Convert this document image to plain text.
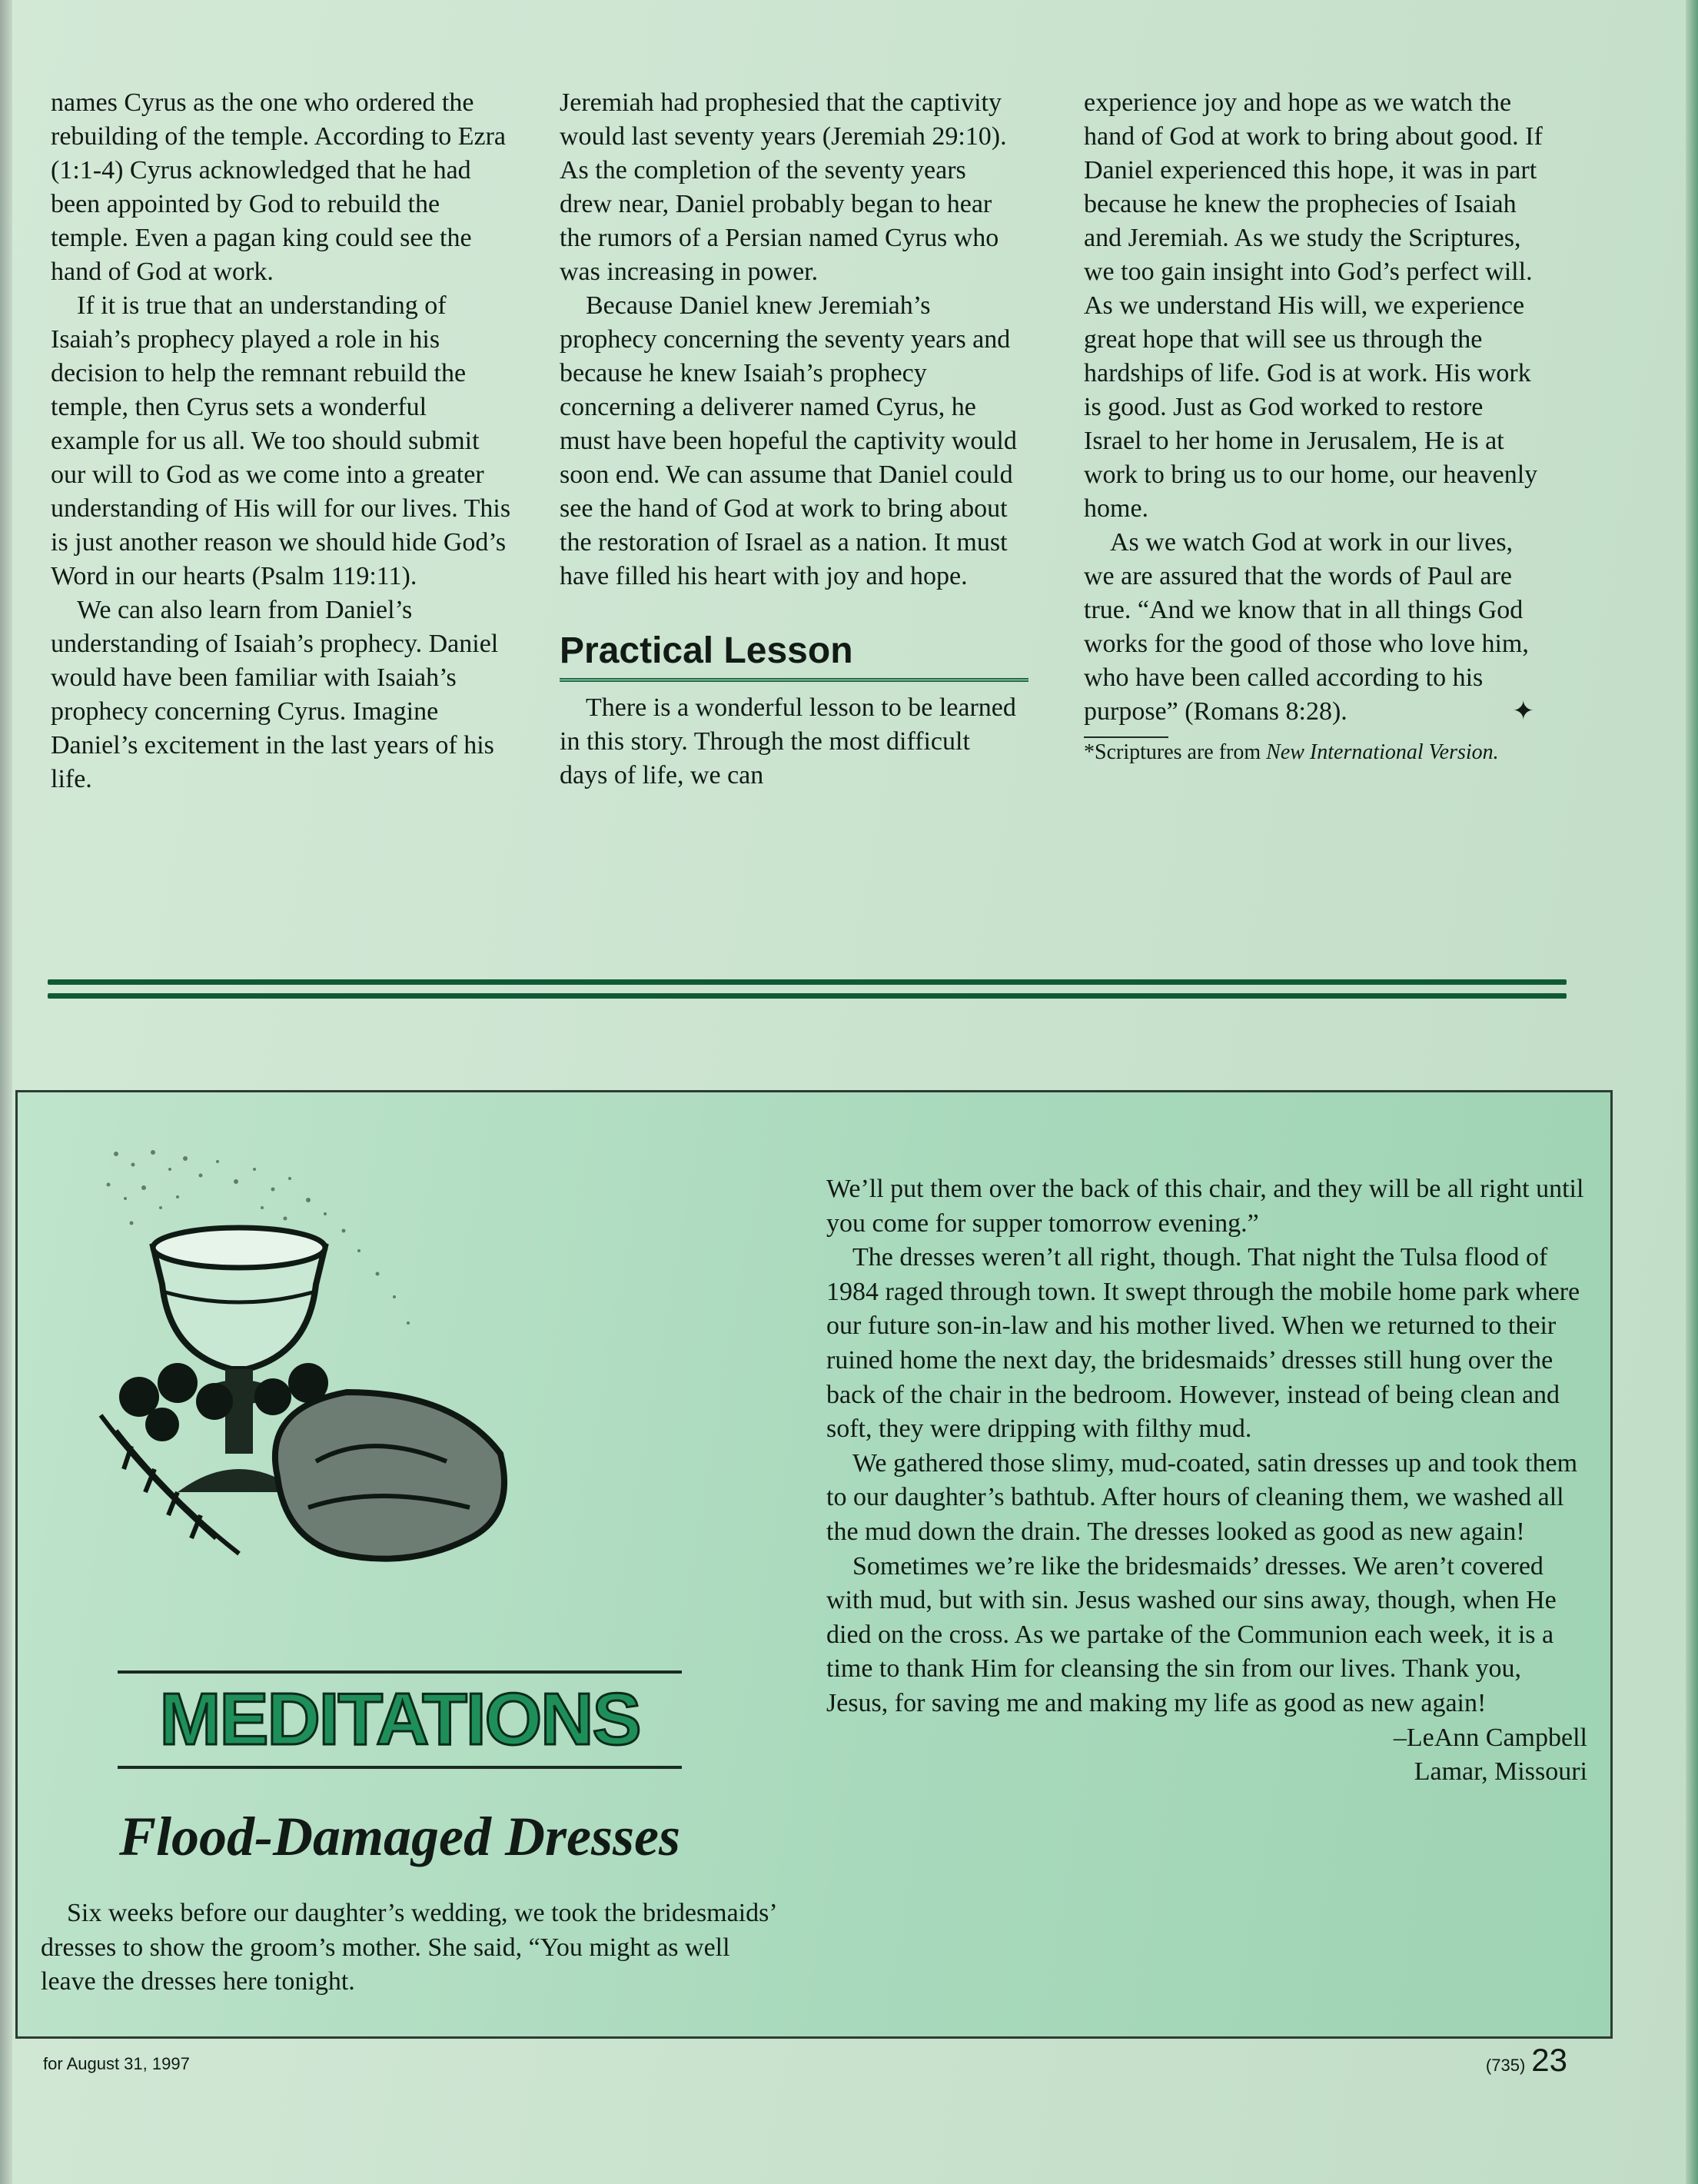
names Cyrus as the one who ordered the rebuilding of the temple. According to Ezra (1:1-4) Cyrus acknowledged that he had been appointed by God to rebuild the temple. Even a pagan king could see the hand of God at work.

If it is true that an understanding of Isaiah’s prophecy played a role in his decision to help the remnant rebuild the temple, then Cyrus sets a wonderful example for us all. We too should submit our will to God as we come into a greater understanding of His will for our lives. This is just another reason we should hide God’s Word in our hearts (Psalm 119:11).

We can also learn from Daniel’s understanding of Isaiah’s prophecy. Daniel would have been familiar with Isaiah’s prophecy concerning Cyrus. Imagine Daniel’s excitement in the last years of his life.

Jeremiah had prophesied that the captivity would last seventy years (Jeremiah 29:10). As the completion of the seventy years drew near, Daniel probably began to hear the rumors of a Persian named Cyrus who was increasing in power.

Because Daniel knew Jeremiah’s prophecy concerning the seventy years and because he knew Isaiah’s prophecy concerning a deliverer named Cyrus, he must have been hopeful the captivity would soon end. We can assume that Daniel could see the hand of God at work to bring about the restoration of Israel as a nation. It must have filled his heart with joy and hope.

Practical Lesson

There is a wonderful lesson to be learned in this story. Through the most difficult days of life, we can

experience joy and hope as we watch the hand of God at work to bring about good. If Daniel experienced this hope, it was in part because he knew the prophecies of Isaiah and Jeremiah. As we study the Scriptures, we too gain insight into God’s perfect will. As we understand His will, we experience great hope that will see us through the hardships of life. God is at work. His work is good. Just as God worked to restore Israel to her home in Jerusalem, He is at work to bring us to our home, our heavenly home.

As we watch God at work in our lives, we are assured that the words of Paul are true. “And we know that in all things God works for the good of those who love him, who have been called according to his purpose” (Romans 8:28).	✦

*Scriptures are from New International Version.
MEDITATIONS
Flood-Damaged Dresses

Six weeks before our daughter’s wedding, we took the bridesmaids’ dresses to show the groom’s mother. She said, “You might as well leave the dresses here tonight.

We’ll put them over the back of this chair, and they will be all right until you come for supper tomorrow evening.”

The dresses weren’t all right, though. That night the Tulsa flood of 1984 raged through town. It swept through the mobile home park where our future son-in-law and his mother lived. When we returned to their ruined home the next day, the bridesmaids’ dresses still hung over the back of the chair in the bedroom. However, instead of being clean and soft, they were dripping with filthy mud.

We gathered those slimy, mud-coated, satin dresses up and took them to our daughter’s bathtub. After hours of cleaning them, we washed all the mud down the drain. The dresses looked as good as new again!

Sometimes we’re like the bridesmaids’ dresses. We aren’t covered with mud, but with sin. Jesus washed our sins away, though, when He died on the cross. As we partake of the Communion each week, it is a time to thank Him for cleansing the sin from our lives. Thank you, Jesus, for saving me and making my life as good as new again!

–LeAnn Campbell
Lamar, Missouri
for August 31, 1997	(735) 23
